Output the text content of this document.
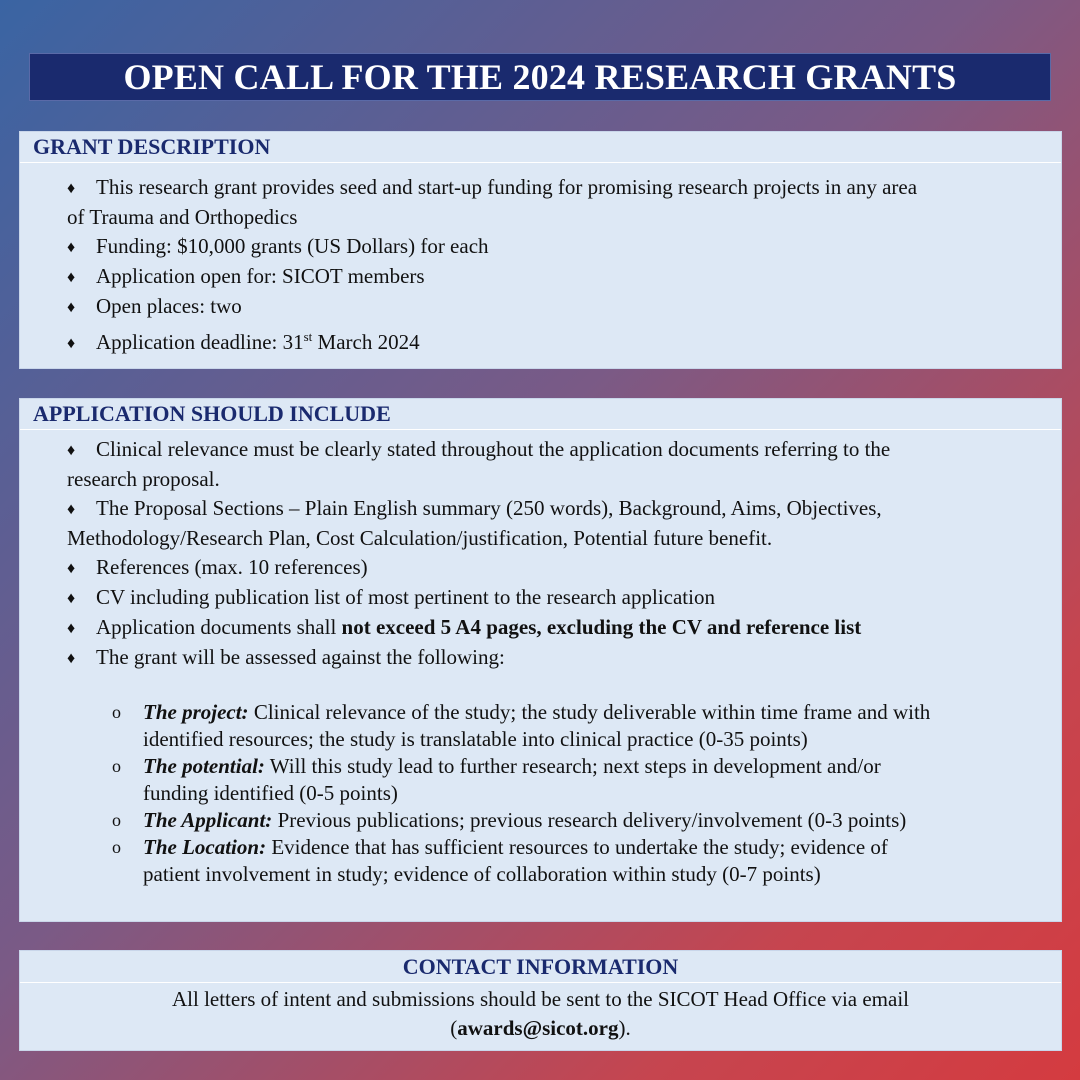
OPEN CALL FOR THE 2024 RESEARCH GRANTS
GRANT DESCRIPTION
♦ This research grant provides seed and start-up funding for promising research projects in any area
of Trauma and Orthopedics
♦ Funding: $10,000 grants (US Dollars) for each
♦ Application open for: SICOT members
♦ Open places: two
♦ Application deadline: 31st March 2024
APPLICATION SHOULD INCLUDE
♦ Clinical relevance must be clearly stated throughout the application documents referring to the
research proposal.
♦ The Proposal Sections – Plain English summary (250 words), Background, Aims, Objectives,
Methodology/Research Plan, Cost Calculation/justification, Potential future benefit.
♦ References (max. 10 references)
♦ CV including publication list of most pertinent to the research application
♦ Application documents shall not exceed 5 A4 pages, excluding the CV and reference list
♦ The grant will be assessed against the following:
o The project: Clinical relevance of the study; the study deliverable within time frame and with
identified resources; the study is translatable into clinical practice (0-35 points)
o The potential: Will this study lead to further research; next steps in development and/or
funding identified (0-5 points)
o The Applicant: Previous publications; previous research delivery/involvement (0-3 points)
o The Location: Evidence that has sufficient resources to undertake the study; evidence of
patient involvement in study; evidence of collaboration within study (0-7 points)
CONTACT INFORMATION
All letters of intent and submissions should be sent to the SICOT Head Office via email
(awards@sicot.org).
